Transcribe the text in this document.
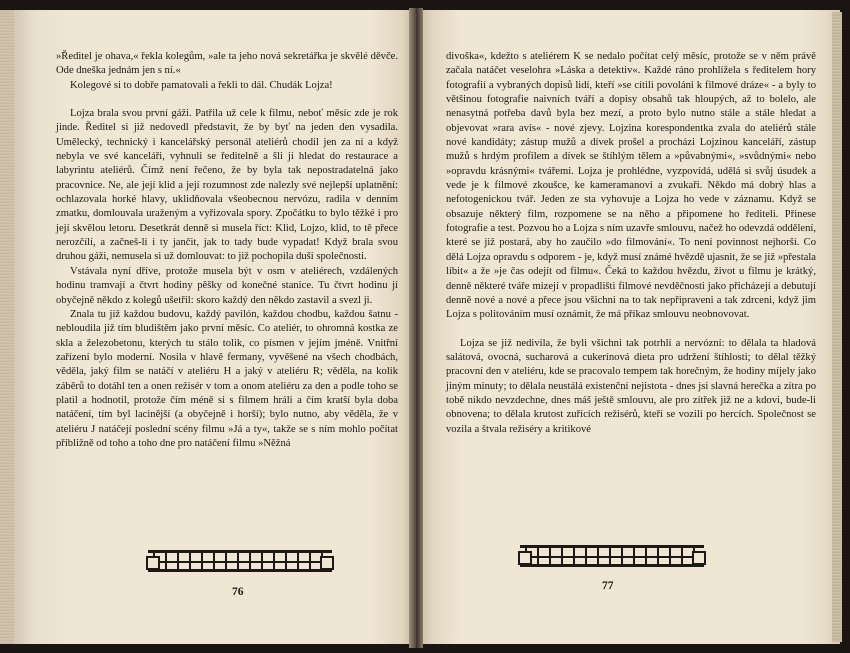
»Ředitel je ohava,« řekla kolegům, »ale ta jeho nová sekretářka je skvělé děvče. Ode dneška jednám jen s ní.«

Kolegové si to dobře pamatovali a řekli to dál. Chudák Lojza!

Lojza brala svou první gáži. Patřila už cele k filmu, neboť měsíc zde je rok jinde. Ředitel si již nedovedl představit, že by byť na jeden den vysadila. Umělecký, technický i kancelářský personál ateliérů chodil jen za ní a když nebyla ve své kanceláři, vyhnuli se ředitelně a šli ji hledat do restaurace a labyrintu ateliérů. Čímž není řečeno, že by byla tak nepostradatelná jako pracovnice. Ne, ale její klid a její rozumnost zde nalezly své nejlepší uplatnění: ochlazovala horké hlavy, uklidňovala všeobecnou nervózu, radila v denním zmatku, domlouvala uraženým a vyřizovala spory. Zpočátku to bylo těžké i pro její skvělou letoru. Desetkrát denně si musela říct: Klid, Lojzo, klid, to tě přece nerozčílí, a začneš-li i ty jančit, jak to tady bude vypadat! Když brala svou druhou gáži, nemusela si už domlouvat: to již pochopila duši společnosti.

Vstávala nyní dříve, protože musela být v osm v ateliérech, vzdálených hodinu tramvají a čtvrt hodiny pěšky od konečné stanice. Tu čtvrt hodinu jí obyčejně někdo z kolegů ušetřil: skoro každý den někdo zastavil a svezl ji.

Znala tu již každou budovu, každý pavilón, každou chodbu, každou šatnu - nebloudila již tím bludištěm jako první měsíc. Co ateliér, to ohromná kostka ze skla a železobetonu, kterých tu stálo tolik, co písmen v jejím jméně. Vnitřní zařízení bylo moderní. Nosila v hlavě fermany, vyvěšené na všech chodbách, věděla, jaký film se natáčí v ateliéru H a jaký v ateliéru R; věděla, na kolik záběrů to dotáhl ten a onen režisér v tom a onom ateliéru za den a podle toho se platil a hodnotil, protože čím méně si s filmem hráli a čím kratší byla doba natáčení, tím byl lacinější (a obyčejně i horší); bylo nutno, aby věděla, že v ateliéru J natáčejí poslední scény filmu »Já a ty«, takže se s ním mohlo počítat přibližně od toho a toho dne pro natáčení filmu »Něžná

divoška«, kdežto s ateliérem K se nedalo počítat celý měsíc, protože se v něm právě začala natáčet veselohra »Láska a detektiv«. Každé ráno prohlížela s ředitelem hory fotografií a vybraných dopisů lidí, kteří »se cítili povoláni k filmové dráze« - a byly to většinou fotografie naivních tváří a dopisy obsahů tak hloupých, až to bolelo, ale nenasytná potřeba davů byla bez mezí, a proto bylo nutno stále a stále hledat a objevovat »rara avis« - nové zjevy. Lojzina korespondentka zvala do ateliérů stále nové kandidáty; zástup mužů a dívek prošel a procházi Lojzinou kanceláří, zástup mužů s hrdým profilem a dívek se štíhlým tělem a »půvabnými«, »svůdnými« nebo »opravdu krásnými« tvářemi. Lojza je prohlédne, vyzpovídá, udělá si svůj úsudek a vede je k filmové zkoušce, ke kameramanovi a zvukaři. Někdo má dobrý hlas a nefotogenickou tvář. Jeden ze sta vyhovuje a Lojza ho vede v záznamu. Když se obsazuje některý film, rozpomene se na něho a připomene ho řediteli. Přinese fotografie a test. Pozvou ho a Lojza s ním uzavře smlouvu, načež ho odevzdá oddělení, které se již postará, aby ho zaučilo »do filmování«. To není povinnost nejhorší. Co dělá Lojza opravdu s odporem - je, když musí známé hvězdě ujasnit, že se již »přestala líbit« a že »je čas odejít od filmu«. Čeká to každou hvězdu, život u filmu je krátký, denně některé tváře mizejí v propadlišti filmové nevděčnosti jako přicházejí a debutují denně nové a nové a přece jsou všichni na to tak nepřipraveni a tak zdrceni, když jim Lojza s politováním musí oznámit, že má příkaz smlouvu neobnovovat.

Lojza se již nedivila, že byli všichni tak potrhlí a nervózní: to dělala ta hladová salátová, ovocná, sucharová a cukerínová dieta pro udržení štíhlosti; to dělal těžký pracovní den v ateliéru, kde se pracovalo tempem tak horečným, že hodiny míjely jako jiným minuty; to dělala neustálá existenční nejistota - dnes jsi slavná herečka a zítra po tobě nikdo nevzdechne, dnes máš ještě smlouvu, ale pro zítřek již ne a kdovi, bude-li obnovena; to dělala krutost zuřících režisérů, kteří se vozili po hercích. Společnost se vozila a štvala režiséry a kritikové

76	77
